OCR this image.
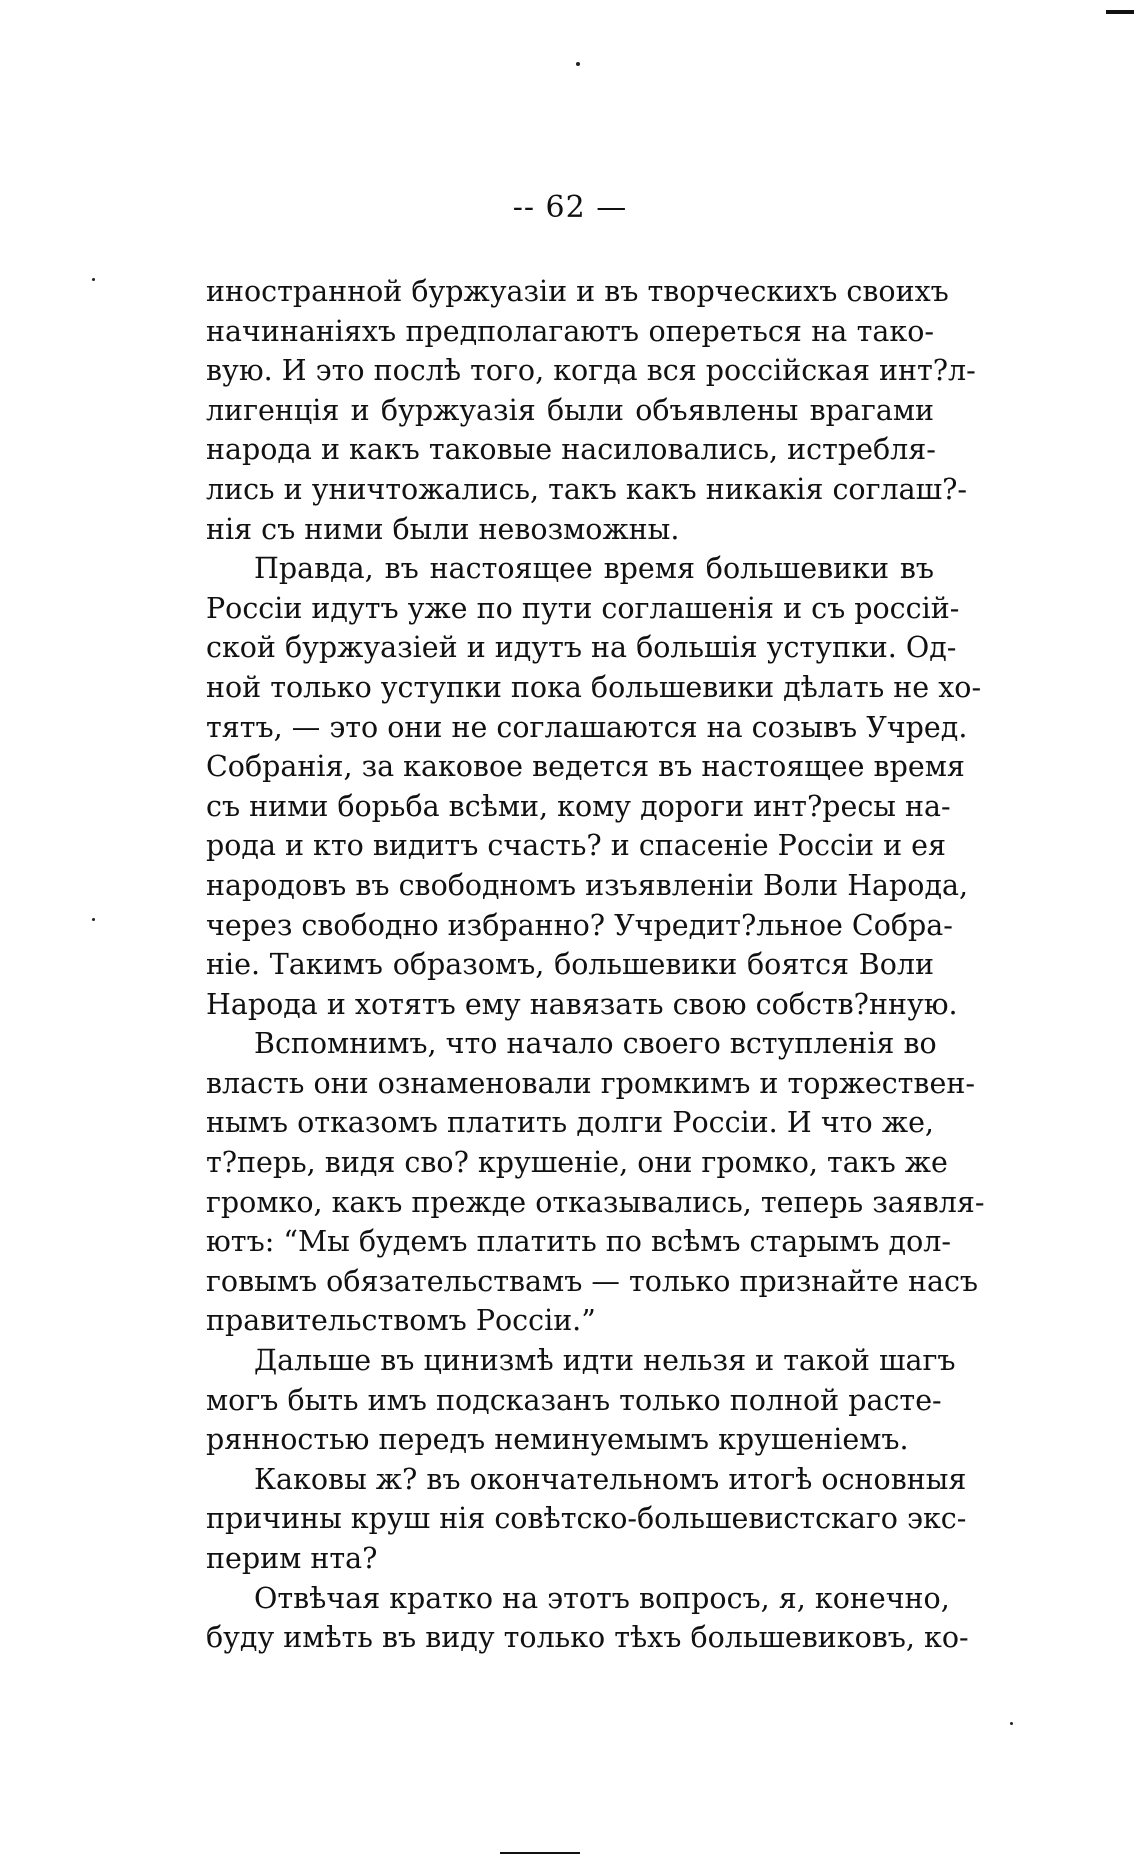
-- 62 —
иностранной буржуазіи и въ творческихъ своихъ
начинаніяхъ предполагаютъ опереться на тако-
вую. И это послѣ того, когда вся россійская инт?л-
лигенція и буржуазія были объявлены врагами
народа и какъ таковые насиловались, истребля-
лись и уничтожались, такъ какъ никакія соглаш?-
нія съ ними были невозможны.
Правда, въ настоящее время большевики въ
Россіи идутъ уже по пути соглашенія и съ россій-
ской буржуазіей и идутъ на большія уступки. Од-
ной только уступки пока большевики дѣлать не хо-
тятъ, — это они не соглашаются на созывъ Учред.
Собранія, за каковое ведется въ настоящее время
съ ними борьба всѣми, кому дороги инт?ресы на-
рода и кто видитъ счасть? и спасеніе Россіи и ея
народовъ въ свободномъ изъявленіи Воли Народа,
через свободно избранно? Учредит?льное Собра-
ніе. Такимъ образомъ, большевики боятся Воли
Народа и хотятъ ему навязать свою собств?нную.
Вспомнимъ, что начало своего вступленія во
власть они ознаменовали громкимъ и торжествен-
нымъ отказомъ платить долги Россіи. И что же,
т?перь, видя сво? крушеніе, они громко, такъ же
громко, какъ прежде отказывались, теперь заявля-
ютъ: “Мы будемъ платить по всѣмъ старымъ дол-
говымъ обязательствамъ — только признайте насъ
правительствомъ Россіи.”
Дальше въ цинизмѣ идти нельзя и такой шагъ
могъ быть имъ подсказанъ только полной расте-
рянностью передъ неминуемымъ крушеніемъ.
Каковы ж? въ окончательномъ итогѣ основныя
причины круш нія совѣтско-большевистскаго экс-
перим нта?
Отвѣчая кратко на этотъ вопросъ, я, конечно,
буду имѣть въ виду только тѣхъ большевиковъ, ко-
